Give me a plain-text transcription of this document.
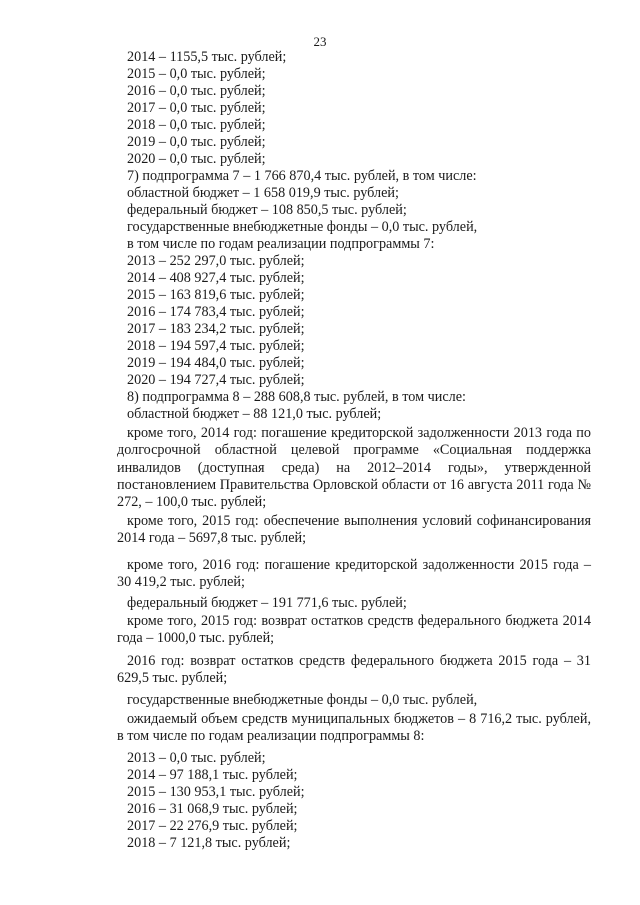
23
2014 – 1155,5 тыс. рублей;
2015 – 0,0 тыс. рублей;
2016 – 0,0 тыс. рублей;
2017 – 0,0 тыс. рублей;
2018 – 0,0 тыс. рублей;
2019 – 0,0 тыс. рублей;
2020 – 0,0 тыс. рублей;
7) подпрограмма 7 – 1 766 870,4 тыс. рублей, в том числе:
областной бюджет – 1 658 019,9 тыс. рублей;
федеральный бюджет – 108 850,5 тыс. рублей;
государственные внебюджетные фонды – 0,0 тыс. рублей,
в том числе по годам реализации подпрограммы 7:
2013 – 252 297,0 тыс. рублей;
2014 – 408 927,4 тыс. рублей;
2015 – 163 819,6 тыс. рублей;
2016 – 174 783,4 тыс. рублей;
2017 – 183 234,2 тыс. рублей;
2018 – 194 597,4 тыс. рублей;
2019 – 194 484,0 тыс. рублей;
2020 – 194 727,4 тыс. рублей;
8) подпрограмма 8 – 288 608,8 тыс. рублей, в том числе:
областной бюджет – 88 121,0 тыс. рублей;
кроме того, 2014 год: погашение кредиторской задолженности 2013 года по долгосрочной областной целевой программе «Социальная поддержка инвалидов (доступная среда) на 2012–2014 годы», утвержденной постановлением Правительства Орловской области от 16 августа 2011 года № 272, – 100,0 тыс. рублей;
кроме того, 2015 год: обеспечение выполнения условий софинансирования 2014 года – 5697,8 тыс. рублей;
кроме того, 2016 год: погашение кредиторской задолженности 2015 года – 30 419,2 тыс. рублей;
федеральный бюджет – 191 771,6 тыс. рублей;
кроме того, 2015 год: возврат остатков средств федерального бюджета 2014 года – 1000,0 тыс. рублей;
2016 год: возврат остатков средств федерального бюджета 2015 года – 31 629,5 тыс. рублей;
государственные внебюджетные фонды – 0,0 тыс. рублей,
ожидаемый объем средств муниципальных бюджетов – 8 716,2 тыс. рублей, в том числе по годам реализации подпрограммы 8:
2013 – 0,0 тыс. рублей;
2014 – 97 188,1 тыс. рублей;
2015 – 130 953,1 тыс. рублей;
2016 – 31 068,9 тыс. рублей;
2017 – 22 276,9 тыс. рублей;
2018 – 7 121,8 тыс. рублей;
